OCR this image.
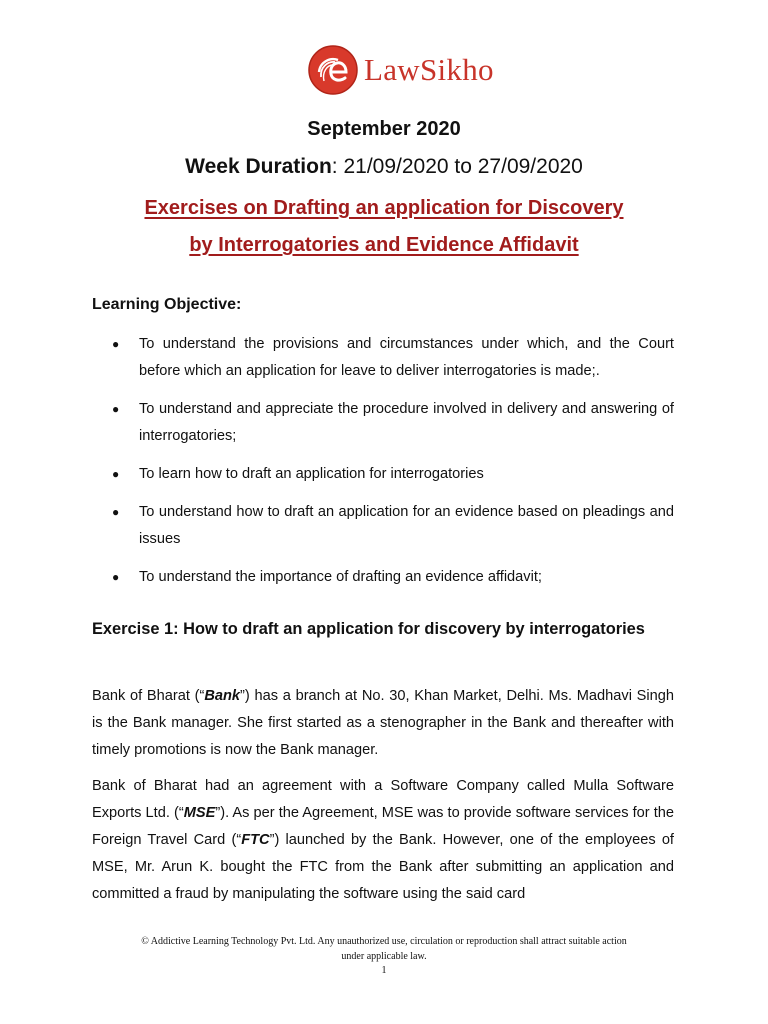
LawSikho
September 2020
Week Duration: 21/09/2020 to 27/09/2020
Exercises on Drafting an application for Discovery
by Interrogatories and Evidence Affidavit
Learning Objective:
● To understand the provisions and circumstances under which, and the Court before which an application for leave to deliver interrogatories is made;.
● To understand and appreciate the procedure involved in delivery and answering of interrogatories;
● To learn how to draft an application for interrogatories
● To understand how to draft an application for an evidence based on pleadings and issues
● To understand the importance of drafting an evidence affidavit;
Exercise 1: How to draft an application for discovery by interrogatories
Bank of Bharat (“Bank”) has a branch at No. 30, Khan Market, Delhi. Ms. Madhavi Singh is the Bank manager. She first started as a stenographer in the Bank and thereafter with timely promotions is now the Bank manager.
Bank of Bharat had an agreement with a Software Company called Mulla Software Exports Ltd. (“MSE”). As per the Agreement, MSE was to provide software services for the Foreign Travel Card (“FTC”) launched by the Bank. However, one of the employees of MSE, Mr. Arun K. bought the FTC from the Bank after submitting an application and committed a fraud by manipulating the software using the said card
© Addictive Learning Technology Pvt. Ltd. Any unauthorized use, circulation or reproduction shall attract suitable action
under applicable law.
1
